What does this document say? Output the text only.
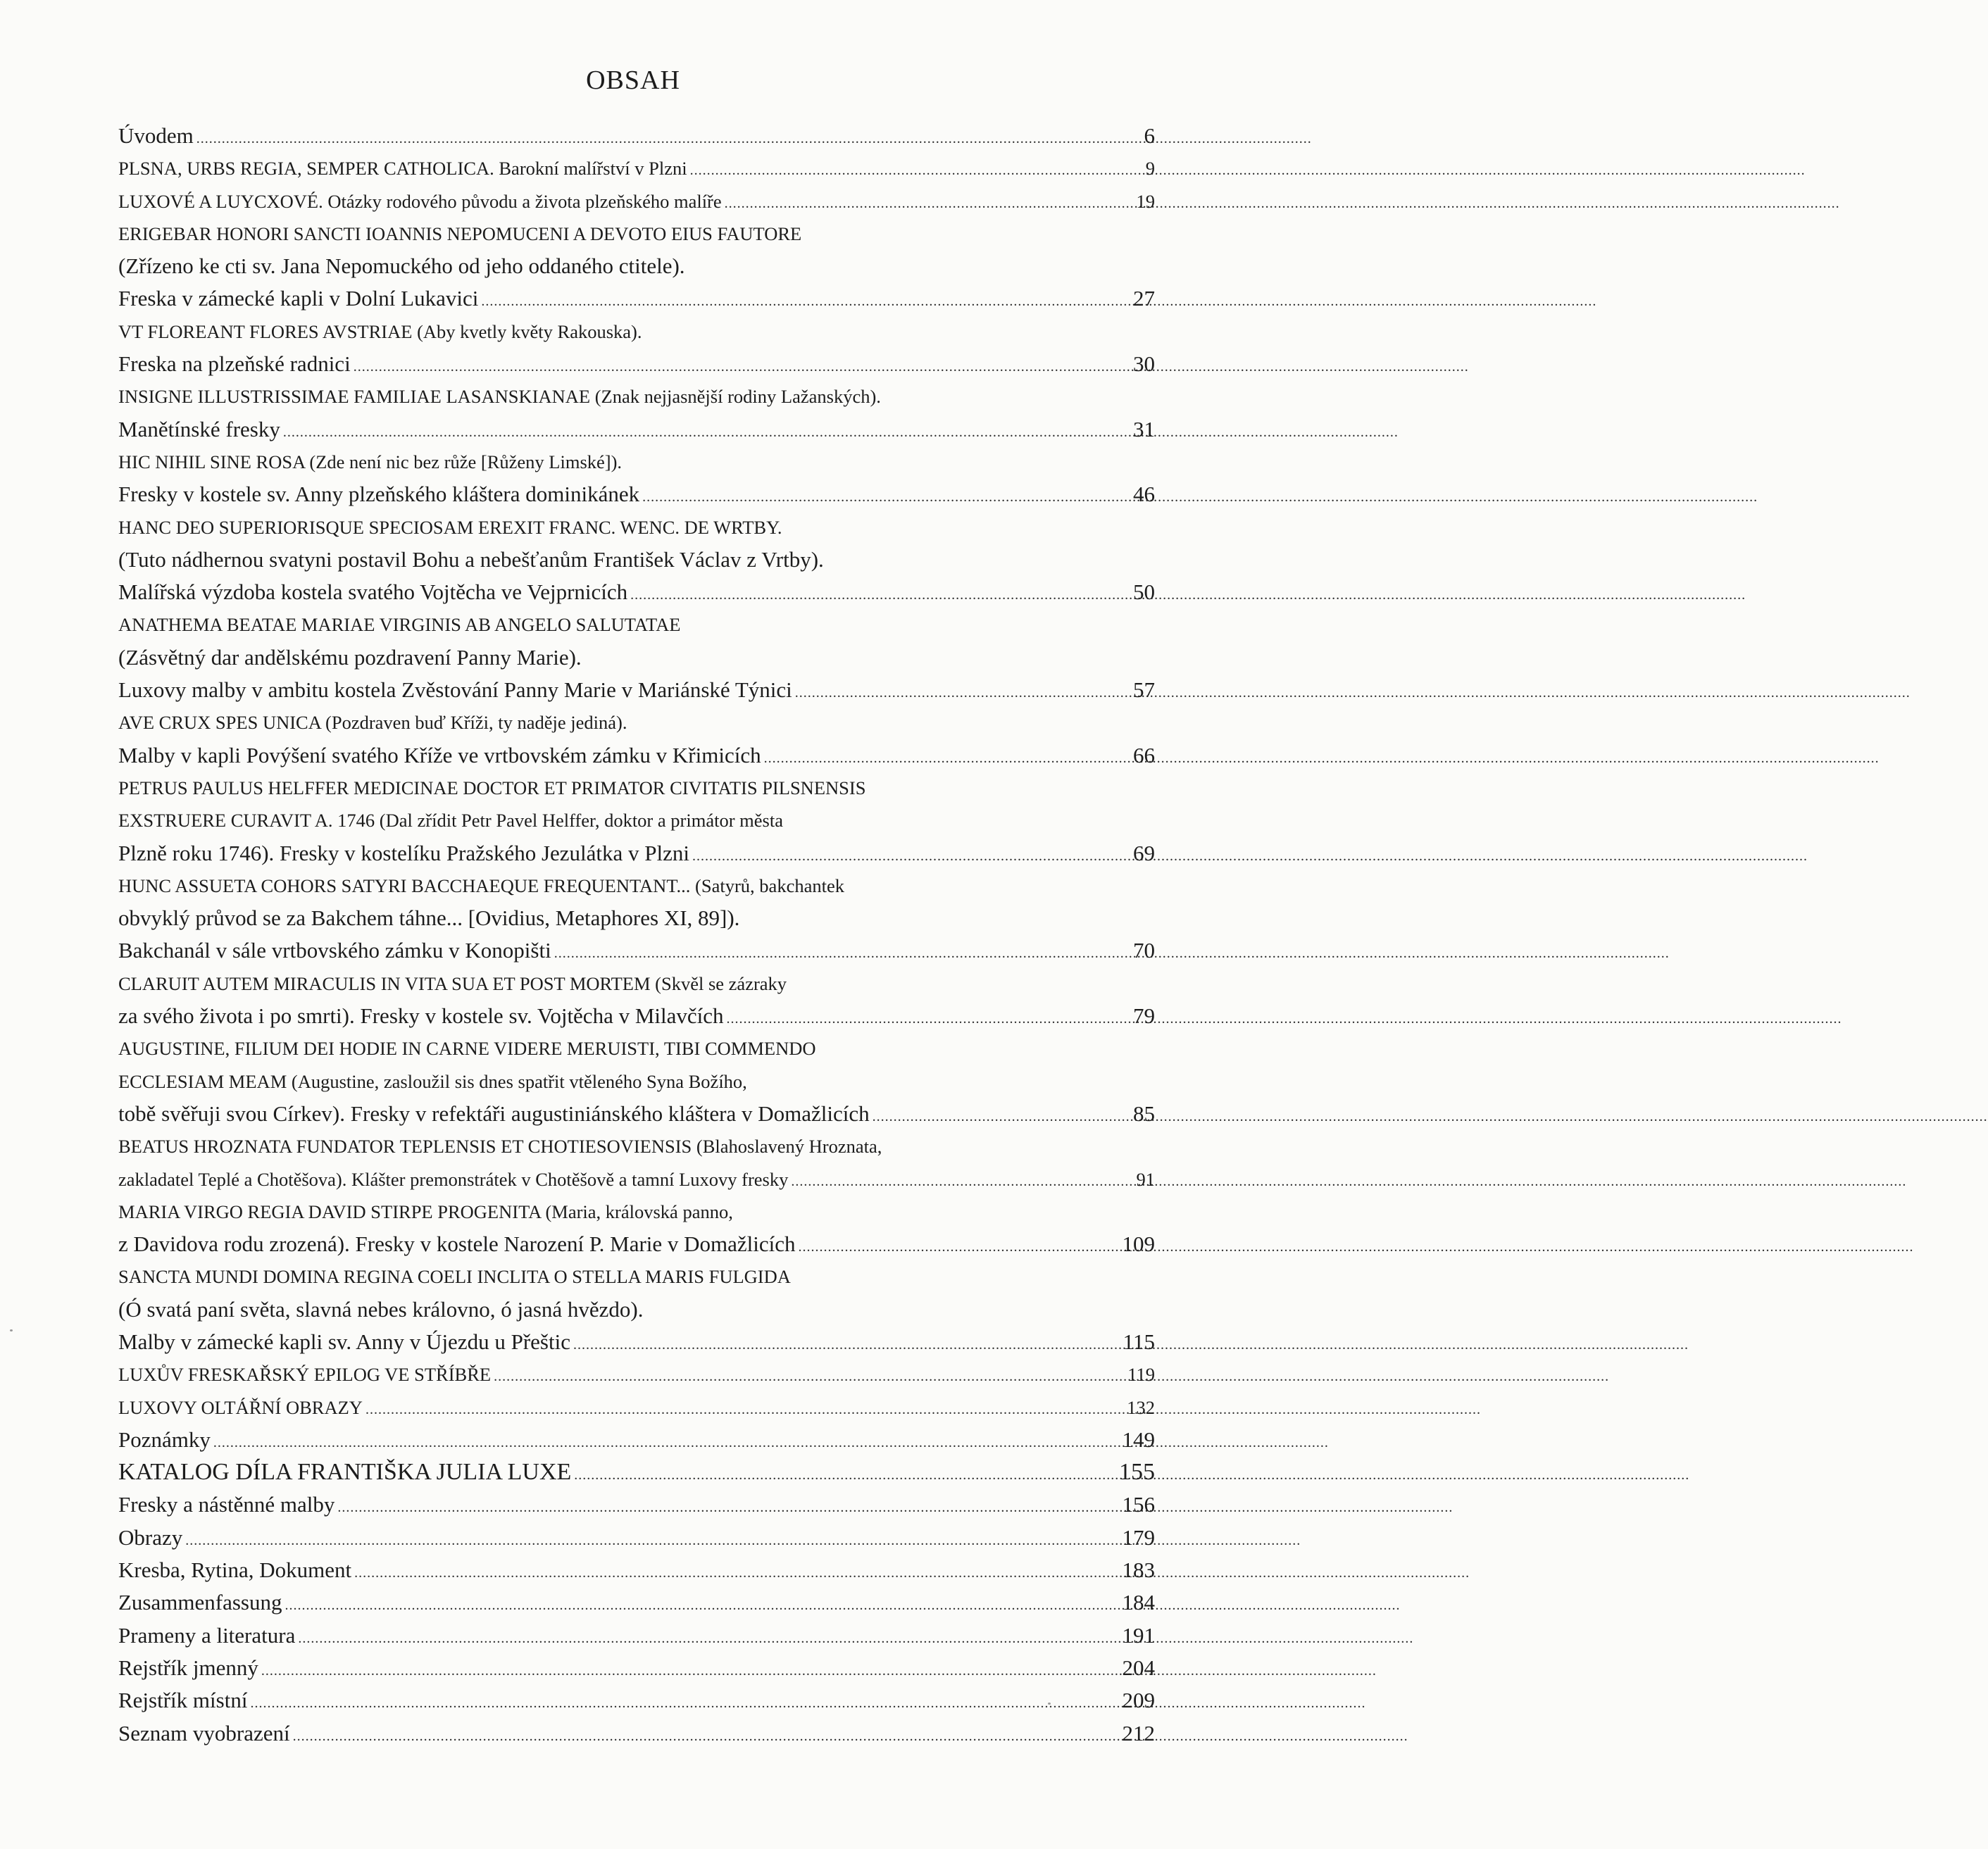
OBSAH
Úvodem .....	6
PLSNA, URBS REGIA, SEMPER CATHOLICA. Barokní malířství v Plzni .....	9
LUXOVÉ A LUYCXOVÉ. Otázky rodového původu a života plzeňského malíře .....	19
ERIGEBAR HONORI SANCTI IOANNIS NEPOMUCENI A DEVOTO EIUS FAUTORE
(Zřízeno ke cti sv. Jana Nepomuckého od jeho oddaného ctitele).
Freska v zámecké kapli v Dolní Lukavici .....	27
VT FLOREANT FLORES AVSTRIAE (Aby kvetly květy Rakouska).
Freska na plzeňské radnici .....	30
INSIGNE ILLUSTRISSIMAE FAMILIAE LASANSKIANAE (Znak nejjasnější rodiny Lažanských).
Manětínské fresky .....	31
HIC NIHIL SINE ROSA (Zde není nic bez růže [Růženy Limské]).
Fresky v kostele sv. Anny plzeňského kláštera dominikánek .....	46
HANC DEO SUPERIORISQUE SPECIOSAM EREXIT FRANC. WENC. DE WRTBY.
(Tuto nádhernou svatyni postavil Bohu a nebešťanům František Václav z Vrtby).
Malířská výzdoba kostela svatého Vojtěcha ve Vejprnicích .....	50
ANATHEMA BEATAE MARIAE VIRGINIS AB ANGELO SALUTATAE
(Zásvětný dar andělskému pozdravení Panny Marie).
Luxovy malby v ambitu kostela Zvěstování Panny Marie v Mariánské Týnici .....	57
AVE CRUX SPES UNICA (Pozdraven buď Kříži, ty naděje jediná).
Malby v kapli Povýšení svatého Kříže ve vrtbovském zámku v Křimicích .....	66
PETRUS PAULUS HELFFER MEDICINAE DOCTOR ET PRIMATOR CIVITATIS PILSNENSIS
EXSTRUERE CURAVIT A. 1746 (Dal zřídit Petr Pavel Helffer, doktor a primátor města
Plzně roku 1746). Fresky v kostelíku Pražského Jezulátka v Plzni .....	69
HUNC ASSUETA COHORS SATYRI BACCHAEQUE FREQUENTANT... (Satyrů, bakchantek
obvyklý průvod se za Bakchem táhne... [Ovidius, Metaphores XI, 89]).
Bakchanál v sále vrtbovského zámku v Konopišti .....	70
CLARUIT AUTEM MIRACULIS IN VITA SUA ET POST MORTEM (Skvěl se zázraky
za svého života i po smrti). Fresky v kostele sv. Vojtěcha v Milavčích .....	79
AUGUSTINE, FILIUM DEI HODIE IN CARNE VIDERE MERUISTI, TIBI COMMENDO
ECCLESIAM MEAM (Augustine, zasloužil sis dnes spatřit vtěleného Syna Božího,
tobě svěřuji svou Církev). Fresky v refektáři augustiniánského kláštera v Domažlicích .....	85
BEATUS HROZNATA FUNDATOR TEPLENSIS ET CHOTIESOVIENSIS (Blahoslavený Hroznata,
zakladatel Teplé a Chotěšova). Klášter premonstrátek v Chotěšově a tamní Luxovy fresky .....	91
MARIA VIRGO REGIA DAVID STIRPE PROGENITA (Maria, královská panno,
z Davidova rodu zrozená). Fresky v kostele Narození P. Marie v Domažlicích .....	109
SANCTA MUNDI DOMINA REGINA COELI INCLITA O STELLA MARIS FULGIDA
(Ó svatá paní světa, slavná nebes královno, ó jasná hvězdo).
Malby v zámecké kapli sv. Anny v Újezdu u Přeštic .....	115
LUXŮV FRESKAŘSKÝ EPILOG VE STŘÍBŘE .....	119
LUXOVY OLTÁŘNÍ OBRAZY .....	132
Poznámky .....	149
KATALOG DÍLA FRANTIŠKA JULIA LUXE .....	155
Fresky a nástěnné malby .....	156
Obrazy .....	179
Kresba, Rytina, Dokument .....	183
Zusammenfassung .....	184
Prameny a literatura .....	191
Rejstřík jmenný .....	204
Rejstřík místní .....	209
Seznam vyobrazení .....	212
